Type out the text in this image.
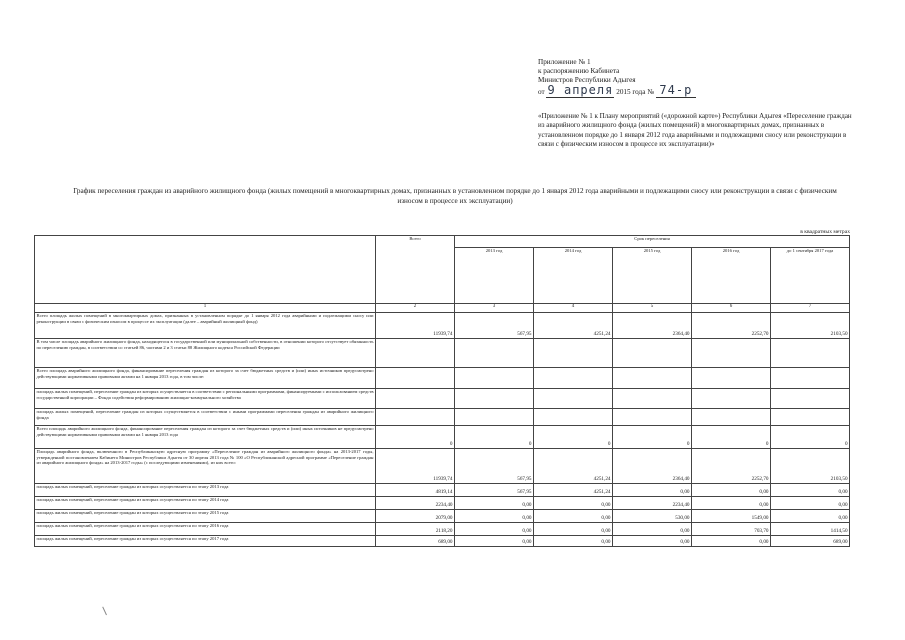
Приложение № 1
к распоряжению Кабинета
Министров Республики Адыгея
от 9 апреля 2015 года № 74-р

«Приложение № 1 к Плану мероприятий («дорожной карте») Республики Адыгея «Переселение граждан из аварийного жилищного фонда (жилых помещений) в многоквартирных домах, признанных в установленном порядке до 1 января 2012 года аварийными и подлежащими сносу или реконструкции в связи с физическим износом в процессе их эксплуатации)»

График переселения граждан из аварийного жилищного фонда (жилых помещений в многоквартирных домах, признанных в установленном порядке до 1 января 2012 года аварийными и подлежащими сносу или реконструкции в связи с физическим износом в процессе их эксплуатации)
в квадратных метрах
	Всего	Срок переселения				
		2013 год	2014 год	2015 год	2016 год	до 1 сентября 2017 года
1	2	3	4	5	6	7
Всего площадь жилых помещений в многоквартирных домах, признанных в установленном порядке до 1 января 2012 года аварийными и подлежащими сносу или реконструкции в связи с физическим износом в процессе их эксплуатации (далее – аварийный жилищный фонд)	11939,74	567,95	4251,24	2364,40	2252,70	2103,50
В том числе площадь аварийного жилищного фонда, находящегося в государственной или муниципальной собственности, в отношении которого отсутствует обязанность по переселению граждан, в соответствии со статьей 86, частями 2 и 3 статьи 88 Жилищного кодекса Российской Федерации						
Всего площадь аварийного жилищного фонда, финансирование переселения граждан из которого за счет бюджетных средств и (или) иных источников предусмотрено действующими нормативными правовыми актами на 1 января 2013 года, в том числе:						
площадь жилых помещений, переселение граждан из которых осуществляется в соответствии с региональными программами, финансируемыми с использованием средств государственной корпорации – Фонда содействия реформированию жилищно-коммунального хозяйства						
площадь жилых помещений, переселение граждан из которых осуществляется в соответствии с иными программами переселения граждан из аварийного жилищного фонда						
Всего площадь аварийного жилищного фонда, финансирование переселения граждан из которого за счет бюджетных средств и (или) иных источников не предусмотрено действующими нормативными правовыми актами на 1 января 2013 года	0	0	0	0	0	0
Площадь аварийного фонда, включенного в Республиканскую адресную программу «Переселение граждан из аварийного жилищного фонда» на 2013-2017 годы, утвержденной постановлением Кабинета Министров Республики Адыгея от 30 апреля 2013 года № 100 «О Республиканской адресной программе «Переселение граждан из аварийного жилищного фонда» на 2013-2017 годы» (с последующими изменениями), из них всего:	11939,74	567,95	4251,24	2364,40	2252,70	2103,50
площадь жилых помещений, переселение граждан из которых осуществляется по этапу 2013 года	4819,14	567,95	4251,24	0,00	0,00	0,00
площадь жилых помещений, переселение граждан из которых осуществляется по этапу 2014 года	2234,40	0,00	0,00	2234,40	0,00	0,00
площадь жилых помещений, переселение граждан из которых осуществляется по этапу 2015 года	2079,00	0,00	0,00	530,00	1549,00	0,00
площадь жилых помещений, переселение граждан из которых осуществляется по этапу 2016 года	2118,20	0,00	0,00	0,00	703,70	1414,50
площадь жилых помещений, переселение граждан из которых осуществляется по этапу 2017 года	689,00	0,00	0,00	0,00	0,00	689,00
